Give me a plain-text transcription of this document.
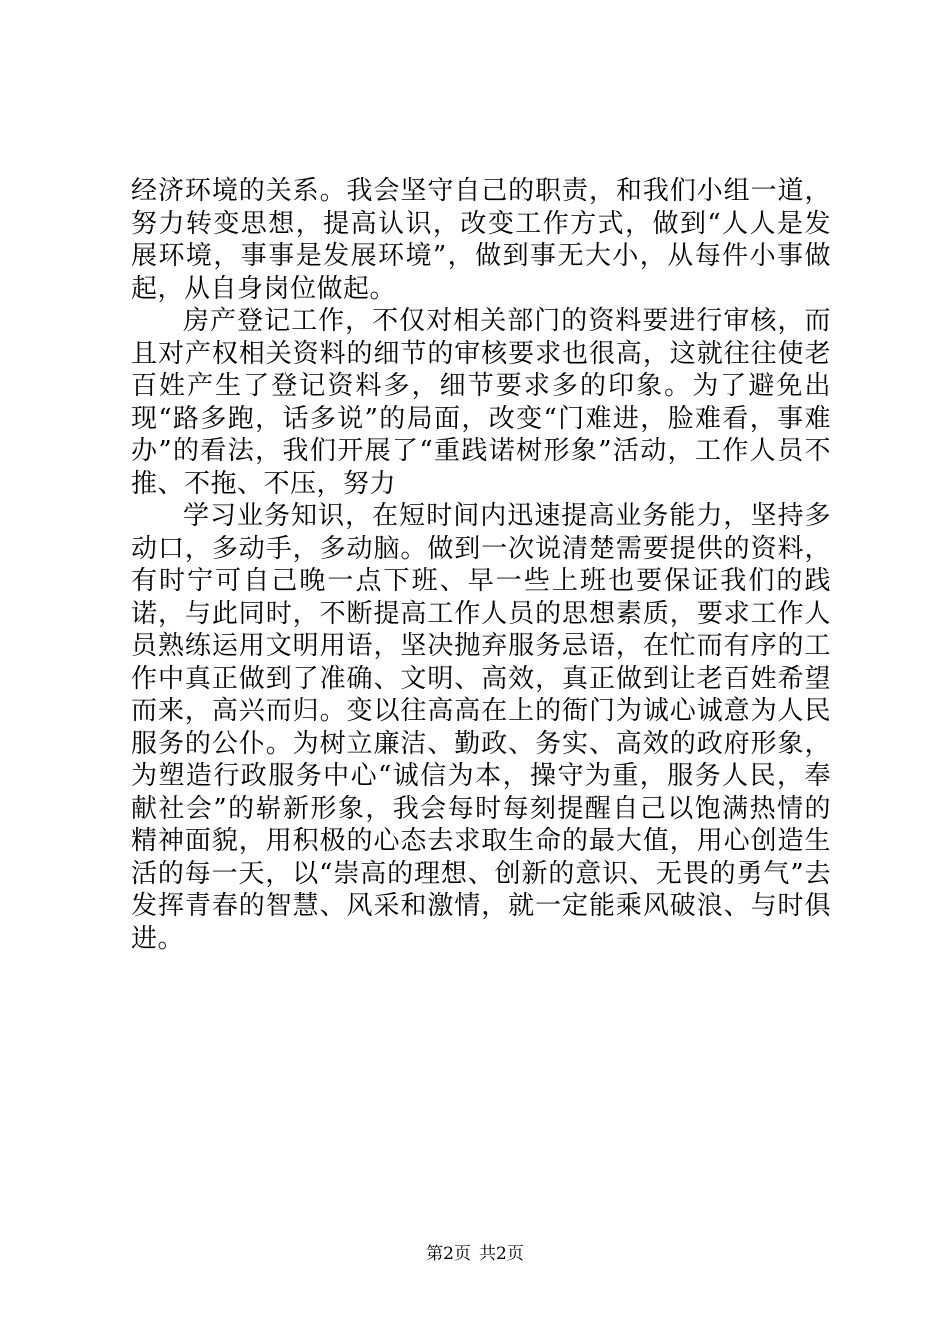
经济环境的关系。我会坚守自己的职责，和我们小组一道，努力转变思想，提高认识，改变工作方式，做到“人人是发展环境，事事是发展环境”，做到事无大小，从每件小事做起，从自身岗位做起。

房产登记工作，不仅对相关部门的资料要进行审核，而且对产权相关资料的细节的审核要求也很高，这就往往使老百姓产生了登记资料多，细节要求多的印象。为了避免出现“路多跑，话多说”的局面，改变“门难进，脸难看，事难办”的看法，我们开展了“重践诺树形象”活动，工作人员不推、不拖、不压，努力

学习业务知识，在短时间内迅速提高业务能力，坚持多动口，多动手，多动脑。做到一次说清楚需要提供的资料，有时宁可自己晚一点下班、早一些上班也要保证我们的践诺，与此同时，不断提高工作人员的思想素质，要求工作人员熟练运用文明用语，坚决抛弃服务忌语，在忙而有序的工作中真正做到了准确、文明、高效，真正做到让老百姓希望而来，高兴而归。变以往高高在上的衙门为诚心诚意为人民服务的公仆。为树立廉洁、勤政、务实、高效的政府形象，为塑造行政服务中心“诚信为本，操守为重，服务人民，奉献社会”的崭新形象，我会每时每刻提醒自己以饱满热情的精神面貌，用积极的心态去求取生命的最大值，用心创造生活的每一天，以“崇高的理想、创新的意识、无畏的勇气”去发挥青春的智慧、风采和激情，就一定能乘风破浪、与时俱进。

第2页 共2页
